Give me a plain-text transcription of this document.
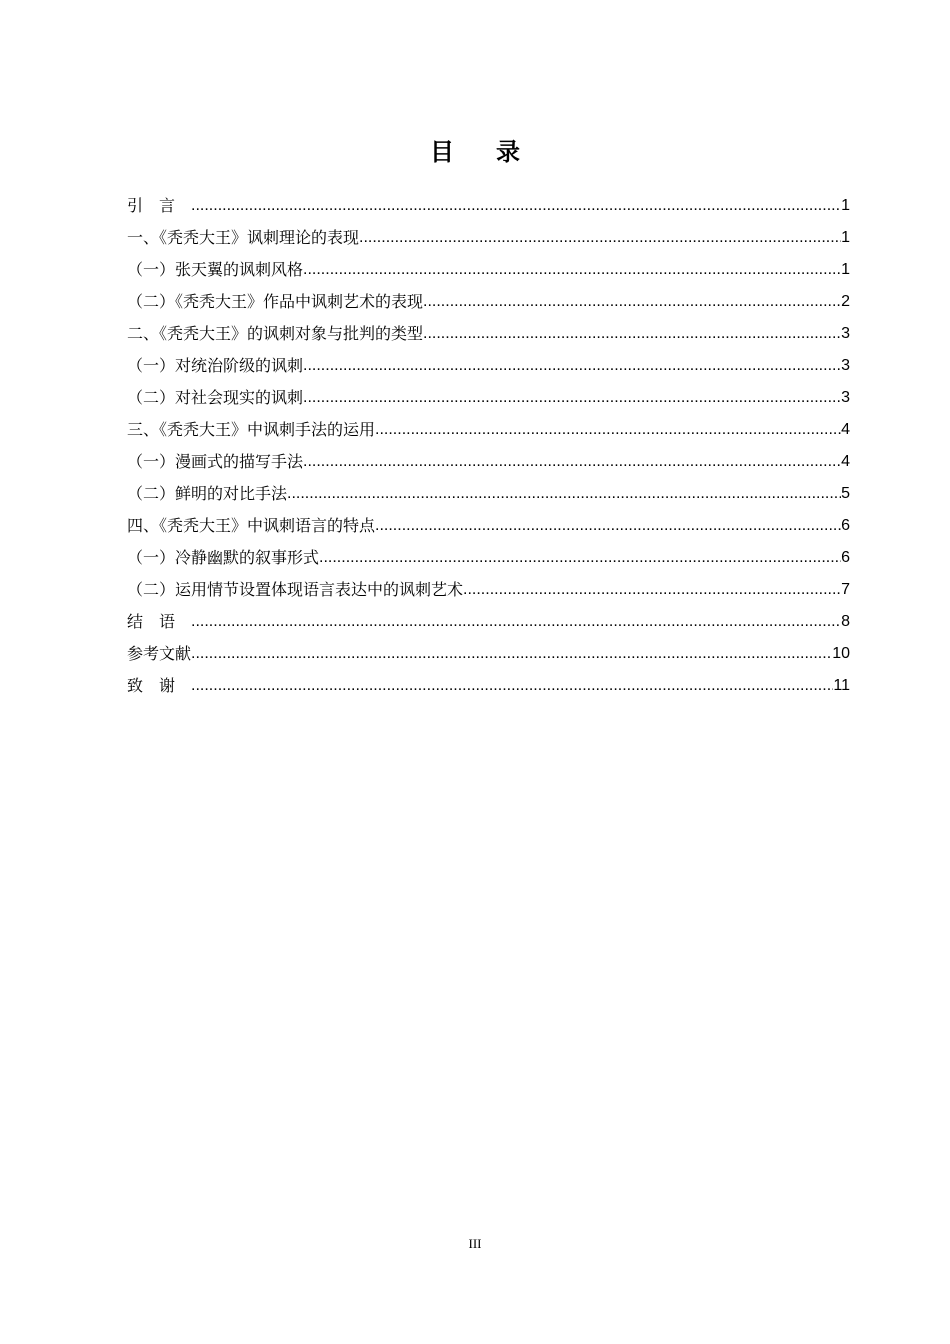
目录
引言 .....	1
一、《秃秃大王》讽刺理论的表现 .....	1
（一）张天翼的讽刺风格 .....	1
（二）《秃秃大王》作品中讽刺艺术的表现 .....	2
二、《秃秃大王》的讽刺对象与批判的类型 .....	3
（一）对统治阶级的讽刺 .....	3
（二）对社会现实的讽刺 .....	3
三、《秃秃大王》中讽刺手法的运用 .....	4
（一）漫画式的描写手法 .....	4
（二）鲜明的对比手法 .....	5
四、《秃秃大王》中讽刺语言的特点 .....	6
（一）冷静幽默的叙事形式 .....	6
（二）运用情节设置体现语言表达中的讽刺艺术 .....	7
结语 .....	8
参考文献 .....	10
致谢 .....	11
III
